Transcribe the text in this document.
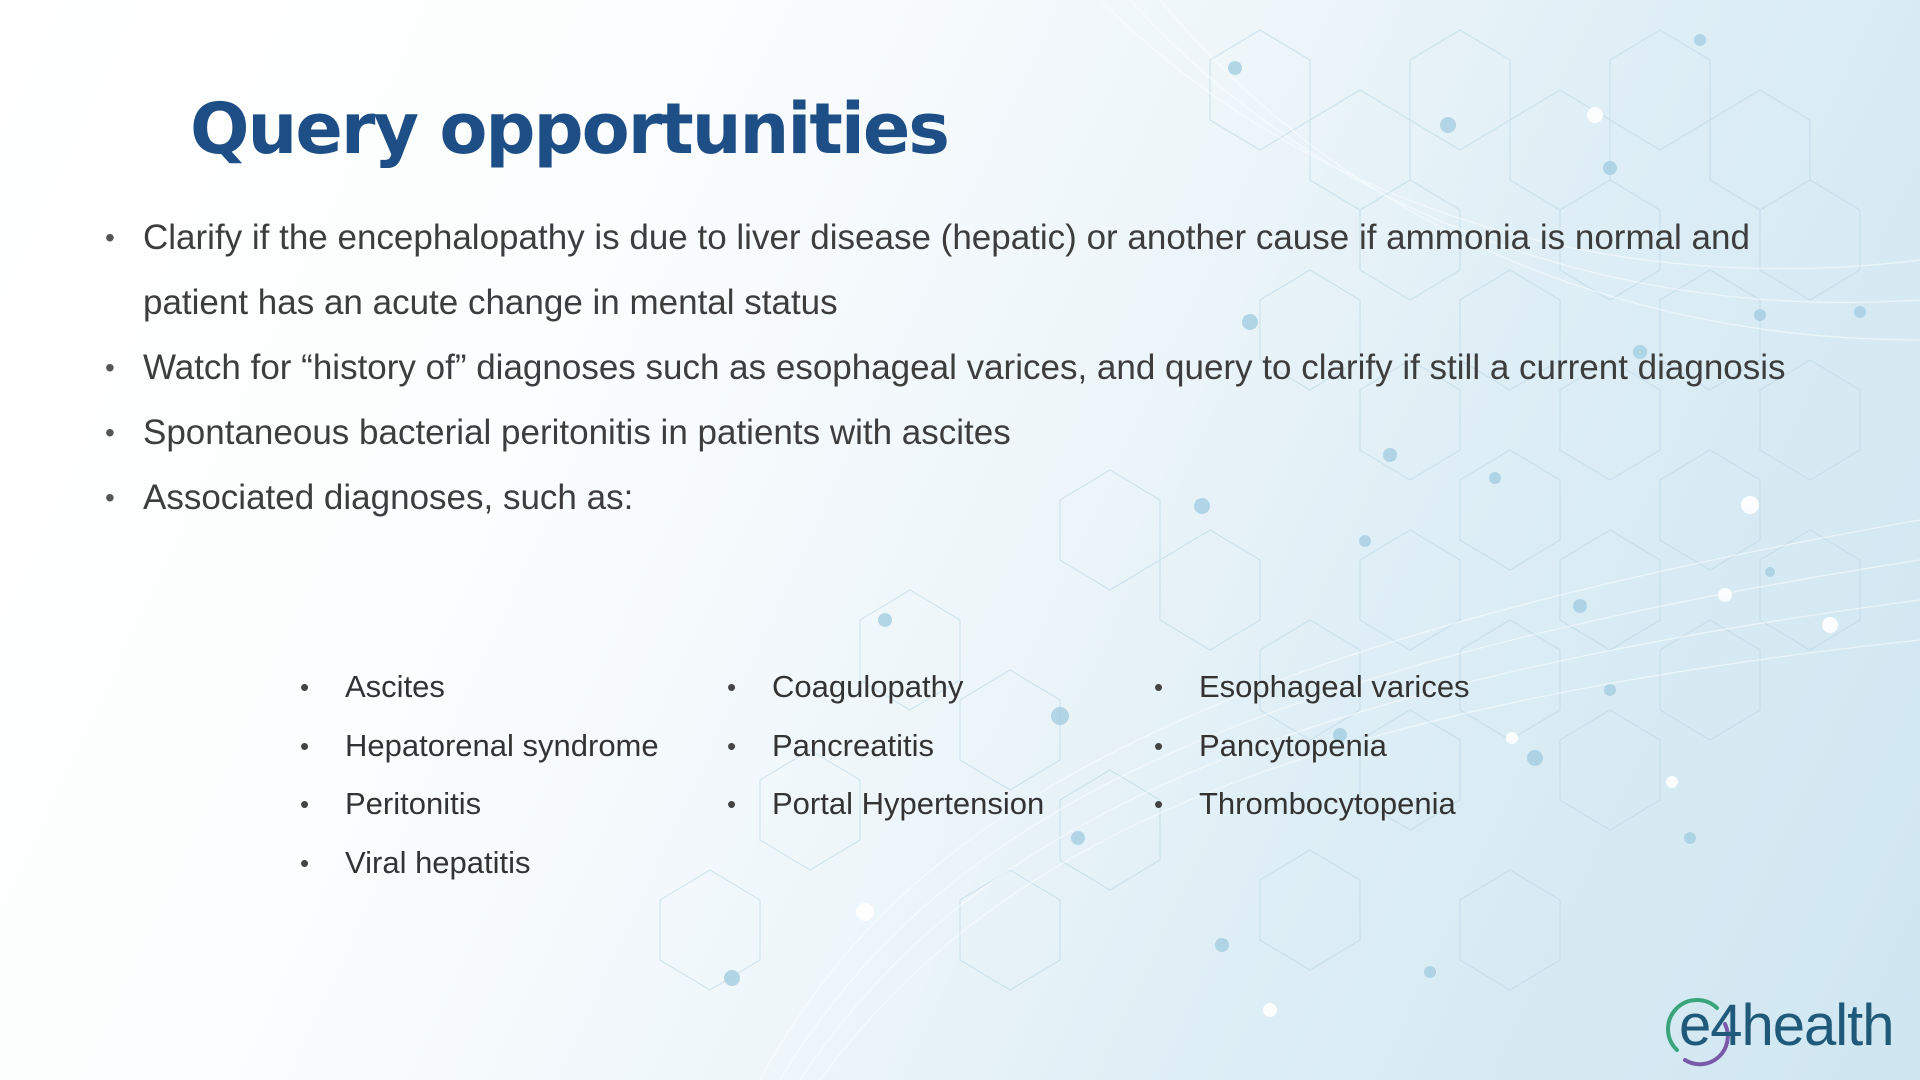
Query opportunities
• Clarify if the encephalopathy is due to liver disease (hepatic) or another cause if ammonia is normal and patient has an acute change in mental status
• Watch for “history of” diagnoses such as esophageal varices, and query to clarify if still a current diagnosis
• Spontaneous bacterial peritonitis in patients with ascites
• Associated diagnoses, such as:
• Ascites
• Hepatorenal syndrome
• Peritonitis
• Viral hepatitis
• Coagulopathy
• Pancreatitis
• Portal Hypertension
• Esophageal varices
• Pancytopenia
• Thrombocytopenia
e4health
